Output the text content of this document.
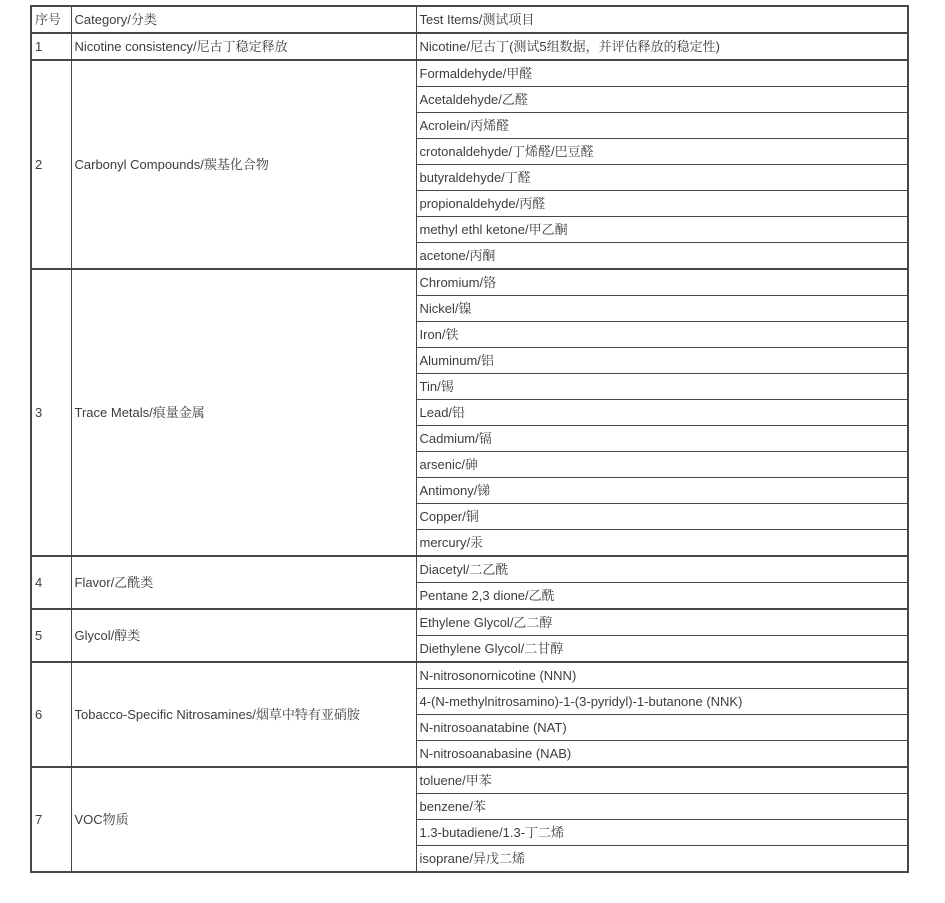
序号	Category/分类	Test Items/测试项目
1	Nicotine consistency/尼古丁稳定释放	Nicotine/尼古丁(测试5组数据，并评估释放的稳定性)
2	Carbonyl Compounds/羰基化合物	Formaldehyde/甲醛
		Acetaldehyde/乙醛
		Acrolein/丙烯醛
		crotonaldehyde/丁烯醛/巴豆醛
		butyraldehyde/丁醛
		propionaldehyde/丙醛
		methyl ethl ketone/甲乙酮
		acetone/丙酮
3	Trace Metals/痕量金属	Chromium/铬
		Nickel/镍
		Iron/铁
		Aluminum/铝
		Tin/锡
		Lead/铅
		Cadmium/镉
		arsenic/砷
		Antimony/锑
		Copper/铜
		mercury/汞
4	Flavor/乙酰类	Diacetyl/二乙酰
		Pentane 2,3 dione/乙酰
5	Glycol/醇类	Ethylene Glycol/乙二醇
		Diethylene Glycol/二甘醇
6	Tobacco-Specific Nitrosamines/烟草中特有亚硝胺	N-nitrosonornicotine (NNN)
		4-(N-methylnitrosamino)-1-(3-pyridyl)-1-butanone (NNK)
		N-nitrosoanatabine (NAT)
		N-nitrosoanabasine (NAB)
7	VOC物质	toluene/甲苯
		benzene/苯
		1.3-butadiene/1.3-丁二烯
		isoprane/异戊二烯
